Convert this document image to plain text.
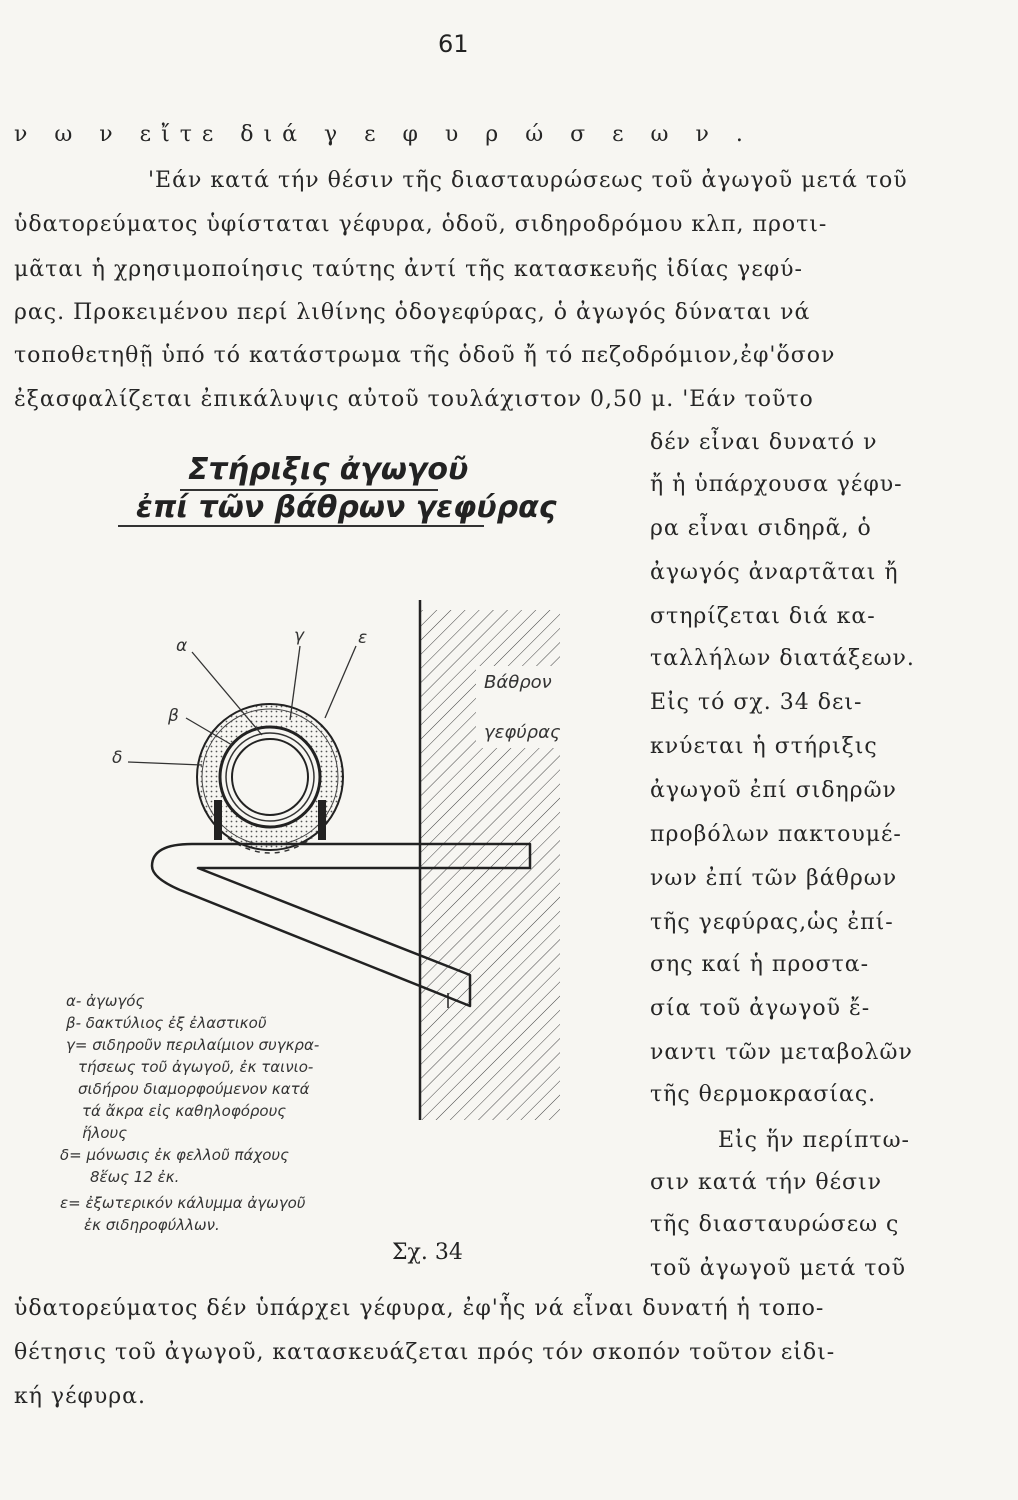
61
ν ω ν εἴτε διά γ ε φ υ ρ ώ σ ε ω ν .
'Εάν κατά τήν θέσιν τῆς διασταυρώσεως τοῦ ἀγωγοῦ μετά τοῦ
ὑδατορεύματος ὑφίσταται γέφυρα, ὁδοῦ, σιδηροδρόμου κλπ, προτι-
μᾶται ἡ χρησιμοποίησις ταύτης ἀντί τῆς κατασκευῆς ἰδίας γεφύ-
ρας. Προκειμένου περί λιθίνης ὁδογεφύρας, ὁ ἀγωγός δύναται νά
τοποθετηθῇ ὑπό τό κατάστρωμα τῆς ὁδοῦ ἤ τό πεζοδρόμιον,ἐφ'ὅσον
ἐξασφαλίζεται ἐπικάλυψις αὐτοῦ τουλάχιστον 0,50 μ. 'Εάν τοῦτο
δέν εἶναι δυνατό ν
ἤ ἡ ὑπάρχουσα γέφυ-
ρα εἶναι σιδηρᾶ, ὁ
ἀγωγός ἀναρτᾶται ἤ
στηρίζεται διά κα-
ταλλήλων διατάξεων.
Εἰς τό σχ. 34 δει-
κνύεται ἡ στήριξις
ἀγωγοῦ ἐπί σιδηρῶν
προβόλων πακτουμέ-
νων ἐπί τῶν βάθρων
τῆς γεφύρας,ὡς ἐπί-
σης καί ἡ προστα-
σία τοῦ ἀγωγοῦ ἔ-
ναντι τῶν μεταβολῶν
τῆς θερμοκρασίας.
Εἰς ἥν περίπτω-
σιν κατά τήν θέσιν
τῆς διασταυρώσεω ς
τοῦ ἀγωγοῦ μετά τοῦ
ὑδατορεύματος δέν ὑπάρχει γέφυρα, ἐφ'ἧς νά εἶναι δυνατή ἡ τοπο-
θέτησις τοῦ ἀγωγοῦ, κατασκευάζεται πρός τόν σκοπόν τοῦτον εἰδι-
κή γέφυρα.
Στήριξις ἀγωγοῦ
ἐπί τῶν βάθρων γεφύρας
Βάθρον
γεφύρας
α	γ	ε
β
δ
α- ἀγωγός
β- δακτύλιος ἐξ ἐλαστικοῦ
γ= σιδηροῦν περιλαίμιον συγκρα-
τήσεως τοῦ ἀγωγοῦ, ἐκ ταινιο-
σιδήρου διαμορφούμενον κατά
τά ἄκρα εἰς καθηλοφόρους
ἥλους
δ= μόνωσις ἐκ φελλοῦ πάχους
8ἕως 12 ἐκ.
ε= ἐξωτερικόν κάλυμμα ἀγωγοῦ
ἐκ σιδηροφύλλων.
Σχ. 34
